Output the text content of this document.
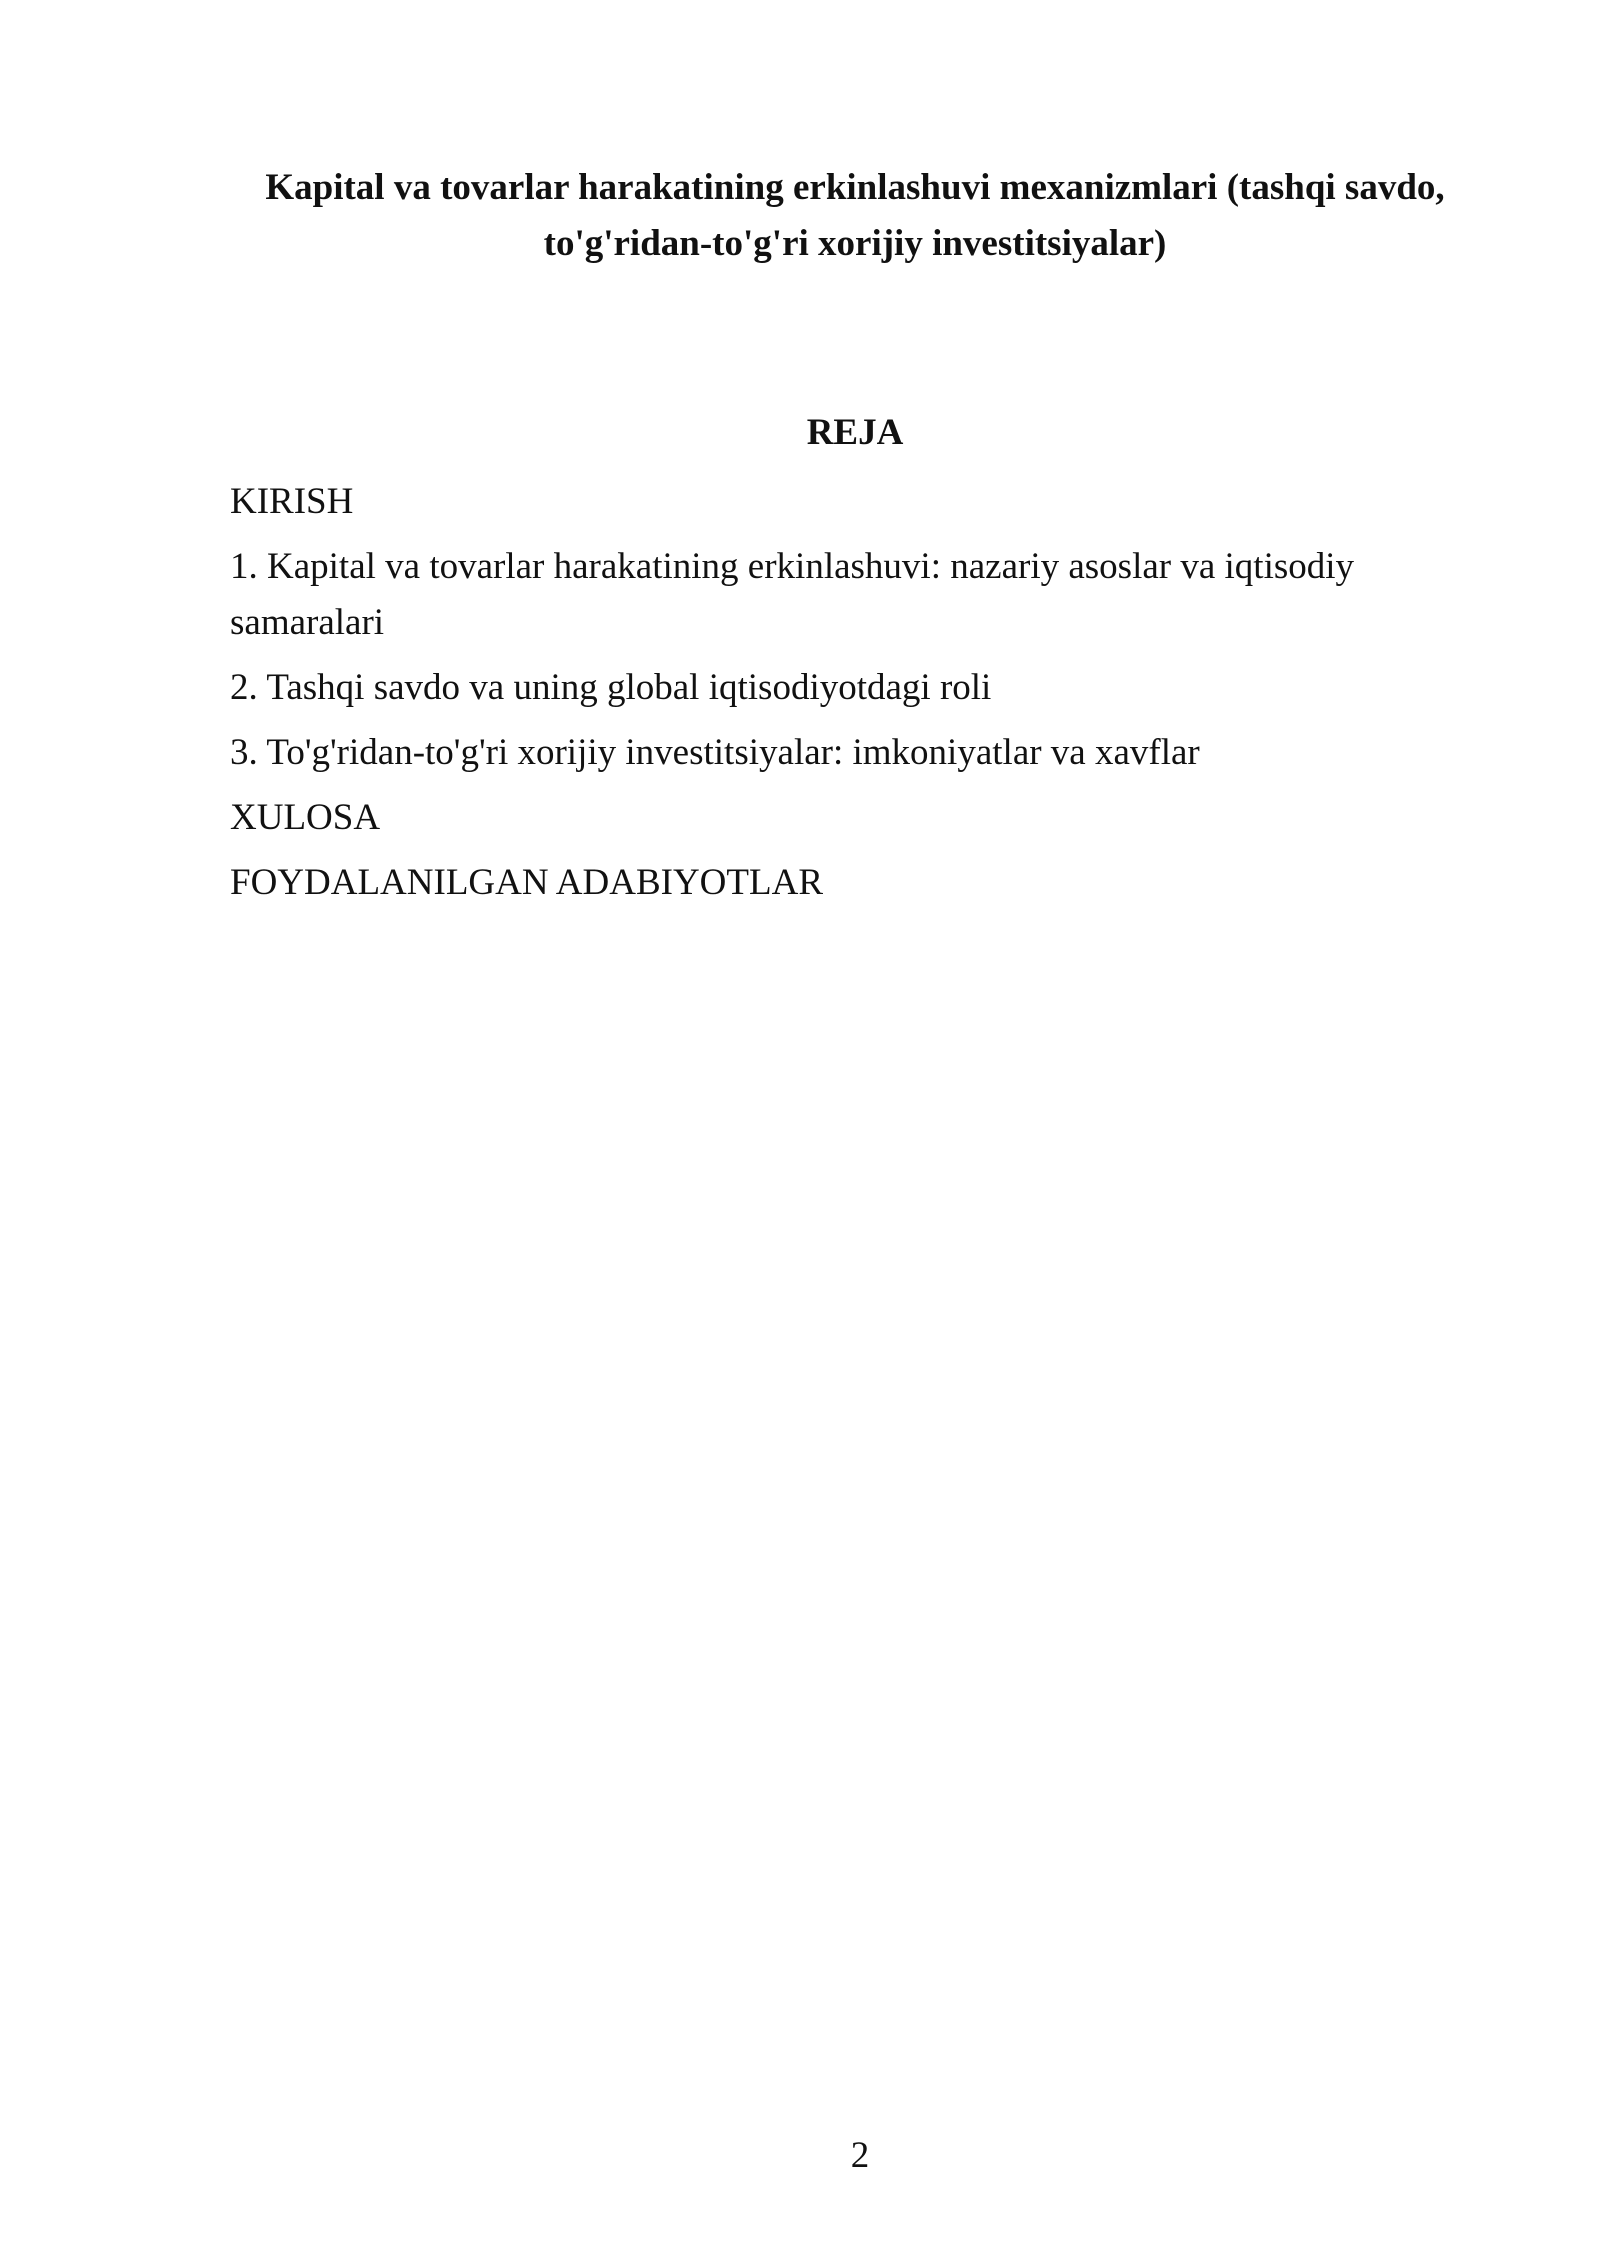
Kapital va tovarlar harakatining erkinlashuvi mexanizmlari (tashqi savdo,
to'g'ridan-to'g'ri xorijiy investitsiyalar)
REJA
KIRISH
1. Kapital va tovarlar harakatining erkinlashuvi: nazariy asoslar va iqtisodiy samaralari
2. Tashqi savdo va uning global iqtisodiyotdagi roli
3. To'g'ridan-to'g'ri xorijiy investitsiyalar: imkoniyatlar va xavflar
XULOSA
FOYDALANILGAN ADABIYOTLAR

2
